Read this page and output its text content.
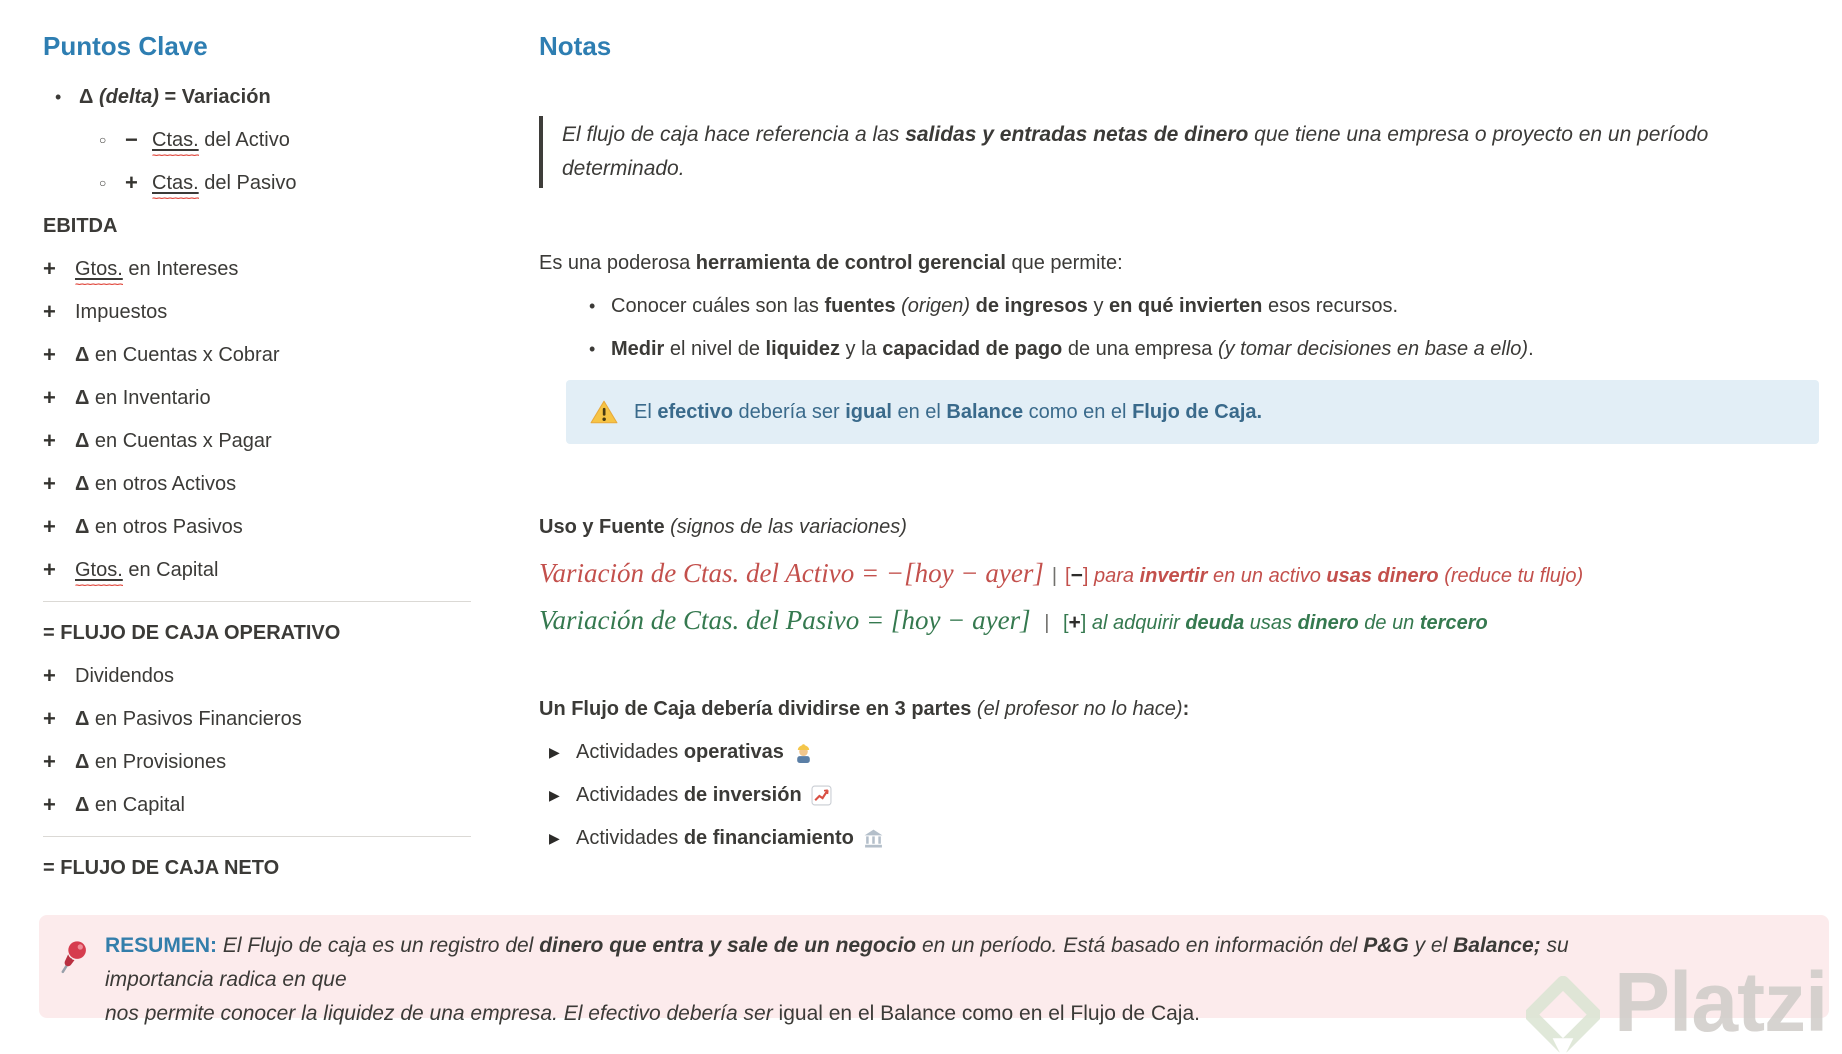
Puntos Clave
• Δ (delta) = Variación
○ − Ctas. ~~~~~ del Activo
○ + Ctas. ~~~~~ del Pasivo
EBITDA
+ Gtos. ~~~~~ en Intereses
+ Impuestos
+ Δ en Cuentas x Cobrar
+ Δ en Inventario
+ Δ en Cuentas x Pagar
+ Δ en otros Activos
+ Δ en otros Pasivos
+ Gtos. ~~~~~ en Capital
= FLUJO DE CAJA OPERATIVO
+ Dividendos
+ Δ en Pasivos Financieros
+ Δ en Provisiones
+ Δ en Capital
= FLUJO DE CAJA NETO
Notas
El flujo de caja hace referencia a las salidas y entradas netas de dinero que tiene una empresa o proyecto en un período
determinado.

Es una poderosa herramienta de control gerencial que permite:

• Conocer cuáles son las fuentes (origen) de ingresos y en qué invierten esos recursos.
• Medir el nivel de liquidez y la capacidad de pago de una empresa (y tomar decisiones en base a ello).
El efectivo debería ser igual en el Balance como en el Flujo de Caja.

Uso y Fuente (signos de las variaciones)

Variación de Ctas. del Activo = −[hoy − ayer] | [−] para invertir en un activo usas dinero (reduce tu flujo)
Variación de Ctas. del Pasivo = [hoy − ayer] | [+] al adquirir deuda usas dinero de un tercero

Un Flujo de Caja debería dividirse en 3 partes (el profesor no lo hace):

▶ Actividades operativas
▶ Actividades de inversión
▶ Actividades de financiamiento
RESUMEN: El Flujo de caja es un registro del dinero que entra y sale de un negocio en un período. Está basado en información del P&G y el Balance; su importancia radica en que
nos permite conocer la liquidez de una empresa. El efectivo debería ser igual en el Balance como en el Flujo de Caja.	Platzi
